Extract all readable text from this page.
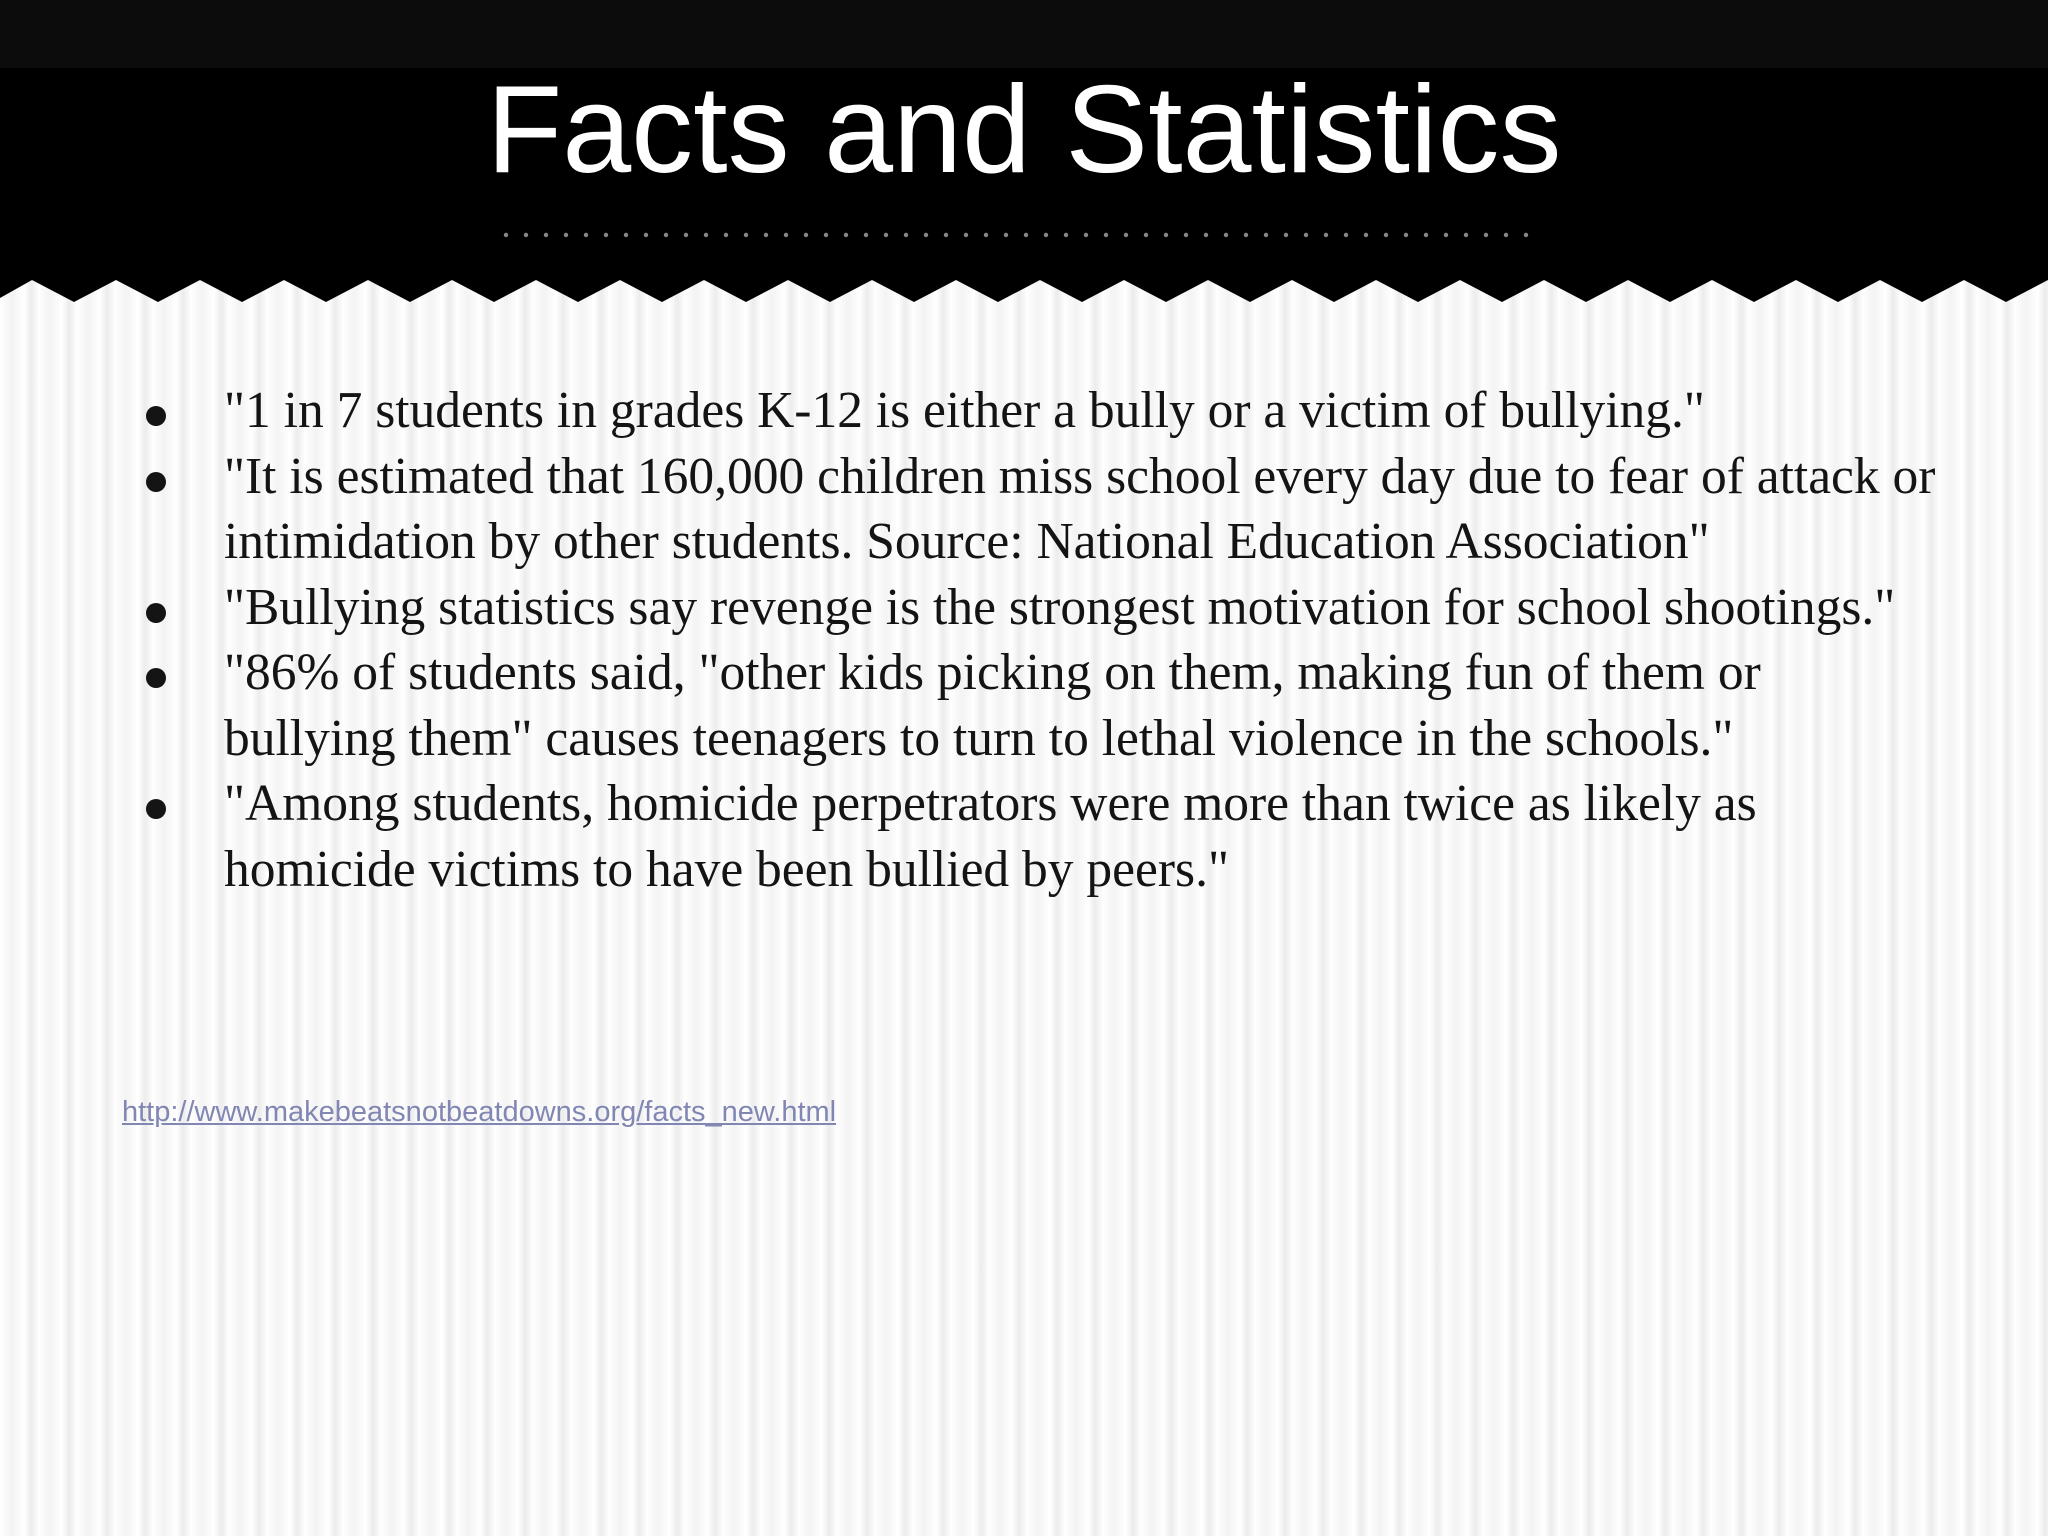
Facts and Statistics
"1 in 7 students in grades K-12 is either a bully or a victim of bullying."
"It is estimated that 160,000 children miss school every day due to fear of attack or intimidation by other students. Source: National Education Association"
"Bullying statistics say revenge is the strongest motivation for school shootings."
"86% of students said, "other kids picking on them, making fun of them or bullying them" causes teenagers to turn to lethal violence in the schools."
"Among students, homicide perpetrators were more than twice as likely as homicide victims to have been bullied by peers."
http://www.makebeatsnotbeatdowns.org/facts_new.html
